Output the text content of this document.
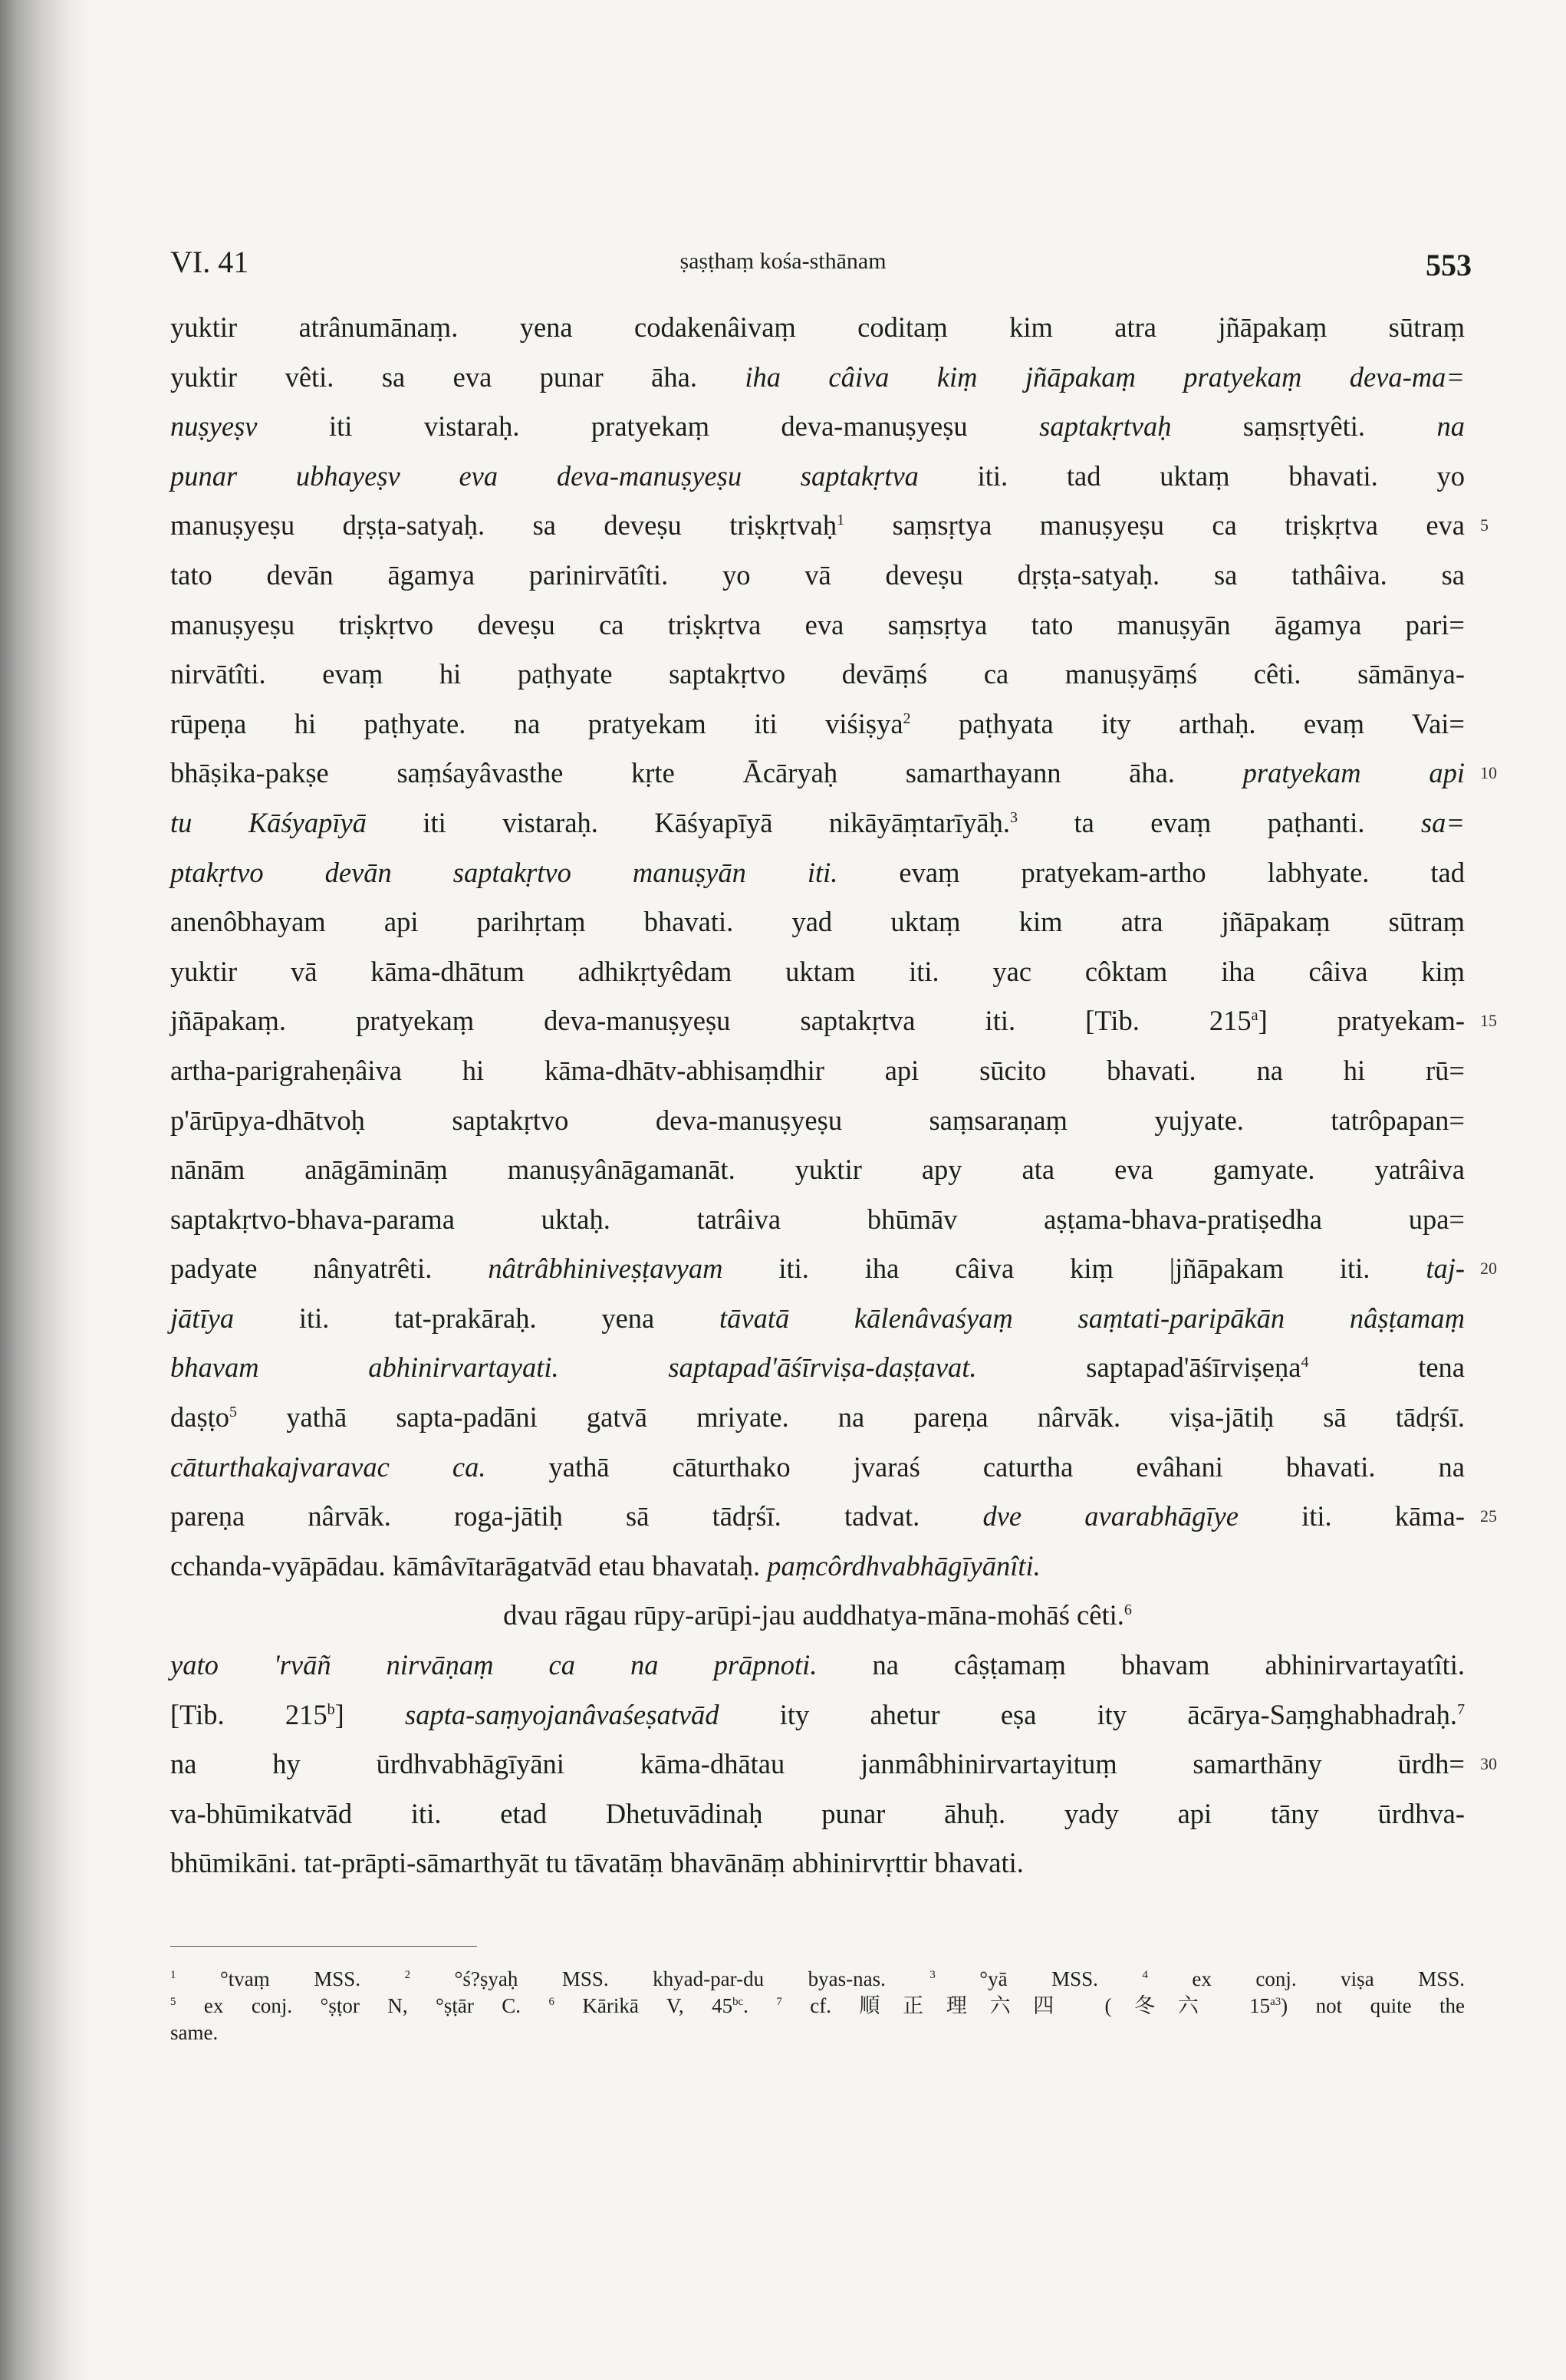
VI. 41	ṣaṣṭhaṃ kośa-sthānam	553
yuktir atrânumānaṃ. yena codakenâivaṃ coditaṃ kim atra jñāpakaṃ sūtraṃ
yuktir vêti. sa eva punar āha. iha câiva kiṃ jñāpakaṃ pratyekaṃ deva-ma=
nuṣyeṣv iti vistaraḥ. pratyekaṃ deva-manuṣyeṣu saptakṛtvaḥ saṃsṛtyêti. na
punar ubhayeṣv eva deva-manuṣyeṣu saptakṛtva iti. tad uktaṃ bhavati. yo
manuṣyeṣu dṛṣṭa-satyaḥ. sa deveṣu triṣkṛtvaḥ$^1$ saṃsṛtya manuṣyeṣu ca triṣkṛtva eva 5
tato devān āgamya parinirvātîti. yo vā deveṣu dṛṣṭa-satyaḥ. sa tathâiva. sa
manuṣyeṣu triṣkṛtvo deveṣu ca triṣkṛtva eva saṃsṛtya tato manuṣyān āgamya pari=
nirvātîti. evaṃ hi paṭhyate saptakṛtvo devāṃś ca manuṣyāṃś cêti. sāmānya-
rūpeṇa hi paṭhyate. na pratyekam iti viśiṣya$^2$ paṭhyata ity arthaḥ. evaṃ Vai=
bhāṣika-pakṣe saṃśayâvasthe kṛte Ācāryaḥ samarthayann āha. pratyekam api 10
tu Kāśyapīyā iti vistaraḥ. Kāśyapīyā nikāyāṃtarīyāḥ.$^3$ ta evaṃ paṭhanti. sa=
ptakṛtvo devān saptakṛtvo manuṣyān iti. evaṃ pratyekam-artho labhyate. tad
anenôbhayam api parihṛtaṃ bhavati. yad uktaṃ kim atra jñāpakaṃ sūtraṃ
yuktir vā kāma-dhātum adhikṛtyêdam uktam iti. yac côktam iha câiva kiṃ
jñāpakaṃ. pratyekaṃ deva-manuṣyeṣu saptakṛtva iti. [Tib. 215$^a$] pratyekam- 15
artha-parigraheṇâiva hi kāma-dhātv-abhisaṃdhir api sūcito bhavati. na hi rū=
p'ārūpya-dhātvoḥ saptakṛtvo deva-manuṣyeṣu saṃsaraṇaṃ yujyate. tatrôpapan=
nānām anāgāmināṃ manuṣyânāgamanāt. yuktir apy ata eva gamyate. yatrâiva
saptakṛtvo-bhava-parama uktaḥ. tatrâiva bhūmāv aṣṭama-bhava-pratiṣedha upa=
padyate nânyatrêti. nâtrâbhiniveṣṭavyam iti. iha câiva kiṃ |jñāpakam iti. taj- 20
jātīya iti. tat-prakāraḥ. yena tāvatā kālenâvaśyaṃ saṃtati-paripākān nâṣṭamaṃ
bhavam abhinirvartayati. saptapad'āśīrviṣa-daṣṭavat. saptapad'āśīrviṣeṇa$^4$ tena
daṣṭo$^5$ yathā sapta-padāni gatvā mriyate. na pareṇa nârvāk. viṣa-jātiḥ sā tādṛśī.
cāturthakajvaravac ca. yathā cāturthako jvaraś caturtha evâhani bhavati. na
pareṇa nârvāk. roga-jātiḥ sā tādṛśī. tadvat. dve avarabhāgīye iti. kāma- 25
cchanda-vyāpādau. kāmâvītarāgatvād etau bhavataḥ. paṃcôrdhvabhāgīyānîti.
dvau rāgau rūpy-arūpi-jau auddhatya-māna-mohāś cêti.$^6$
yato 'rvāñ nirvāṇaṃ ca na prāpnoti. na câṣṭamaṃ bhavam abhinirvartayatîti.
[Tib. 215$^b$] sapta-saṃyojanâvaśeṣatvād ity ahetur eṣa ity ācārya-Saṃghabhadraḥ.$^7$
na hy ūrdhvabhāgīyāni kāma-dhātau janmâbhinirvartayituṃ samarthāny ūrdh= 30
va-bhūmikatvād iti. etad Dhetuvādinaḥ punar āhuḥ. yady api tāny ūrdhva-
bhūmikāni. tat-prāpti-sāmarthyāt tu tāvatāṃ bhavānāṃ abhinirvṛttir bhavati.
$^1$ °tvaṃ MSS. $^2$ °ś?ṣyaḥ MSS. khyad-par-du byas-nas. $^3$ °yā MSS. $^4$ ex conj. viṣa MSS.
$^5$ ex conj. °ṣṭor N, °ṣṭār C. $^6$ Kārikā V, $45^{bc}$. $^7$ cf. 順正理六四 (冬六 $15^{a3}$) not quite the
same.
